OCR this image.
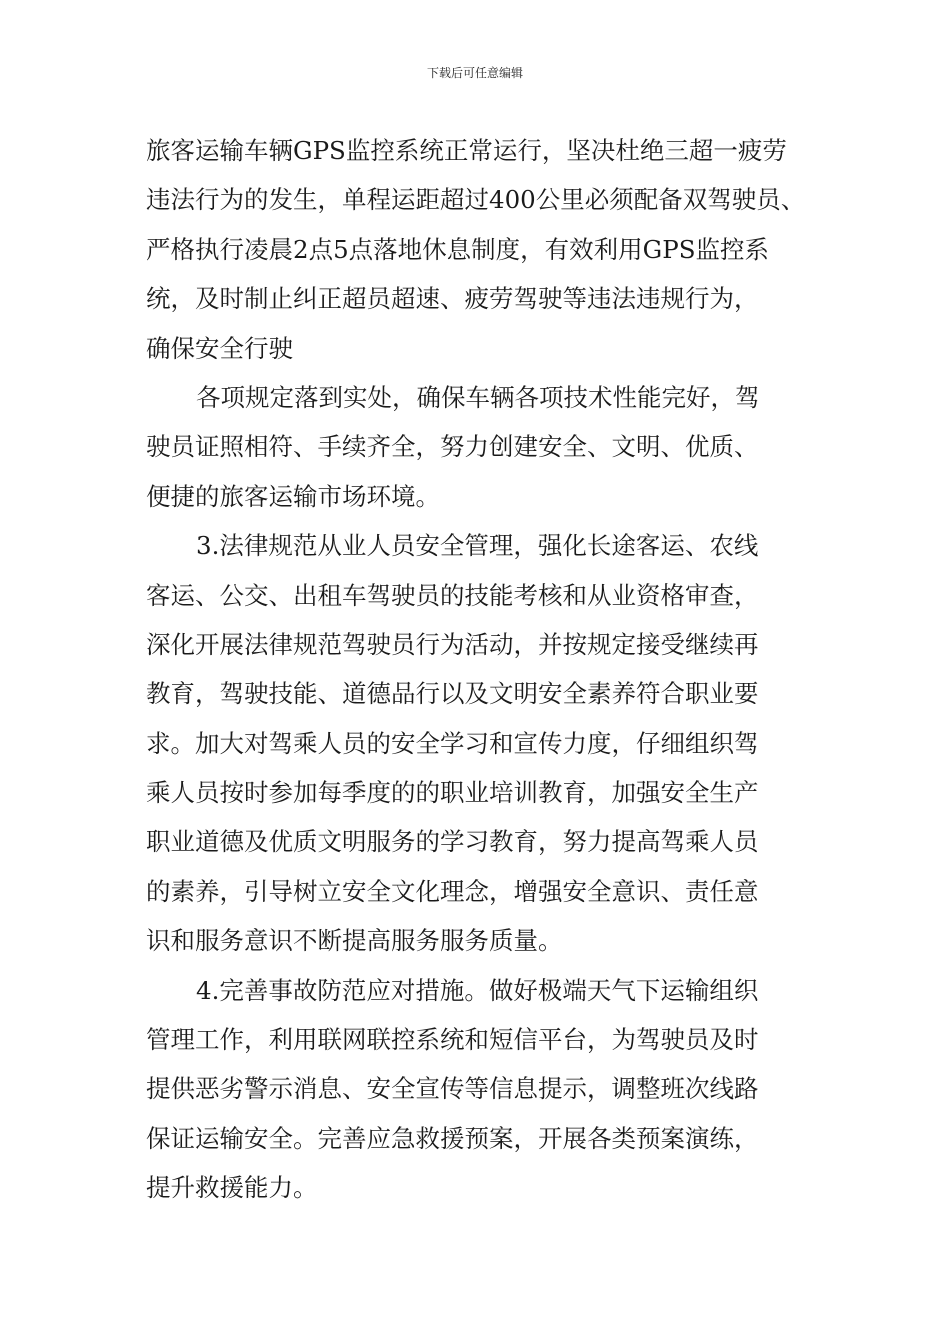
下载后可任意编辑
旅客运输车辆GPS监控系统正常运行，坚决杜绝三超一疲劳
违法行为的发生，单程运距超过400公里必须配备双驾驶员、
严格执行凌晨2点5点落地休息制度，有效利用GPS监控系
统，及时制止纠正超员超速、疲劳驾驶等违法违规行为，
确保安全行驶
各项规定落到实处，确保车辆各项技术性能完好，驾
驶员证照相符、手续齐全，努力创建安全、文明、优质、
便捷的旅客运输市场环境。
3.法律规范从业人员安全管理，强化长途客运、农线
客运、公交、出租车驾驶员的技能考核和从业资格审查，
深化开展法律规范驾驶员行为活动，并按规定接受继续再
教育，驾驶技能、道德品行以及文明安全素养符合职业要
求。加大对驾乘人员的安全学习和宣传力度，仔细组织驾
乘人员按时参加每季度的的职业培训教育，加强安全生产
职业道德及优质文明服务的学习教育，努力提高驾乘人员
的素养，引导树立安全文化理念，增强安全意识、责任意
识和服务意识不断提高服务服务质量。
4.完善事故防范应对措施。做好极端天气下运输组织
管理工作，利用联网联控系统和短信平台，为驾驶员及时
提供恶劣警示消息、安全宣传等信息提示，调整班次线路
保证运输安全。完善应急救援预案，开展各类预案演练，
提升救援能力。
